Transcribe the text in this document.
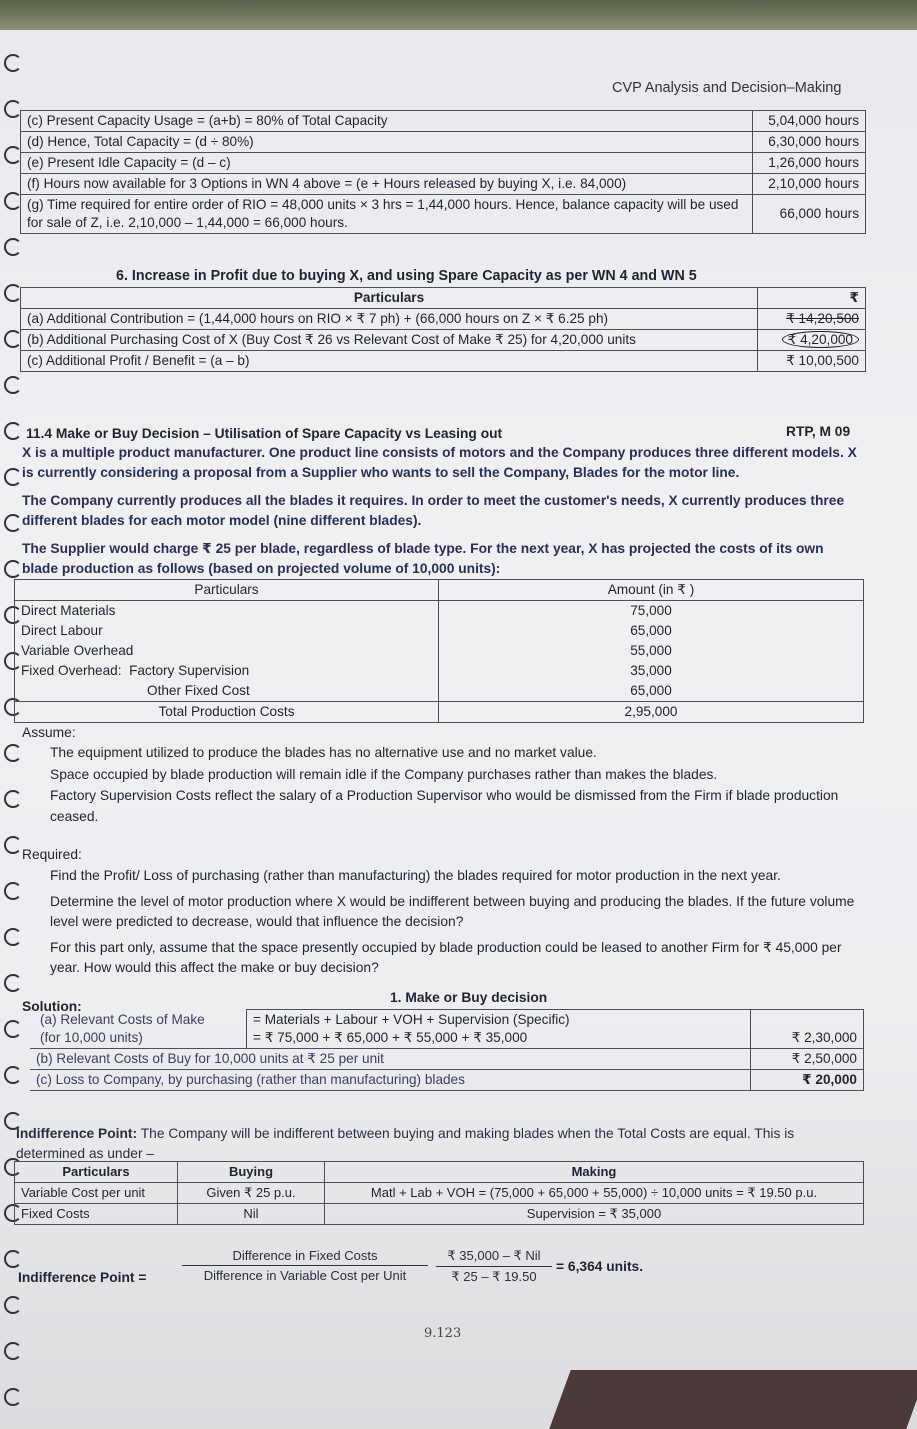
CVP Analysis and Decision–Making
(c) Present Capacity Usage = (a+b) = 80% of Total Capacity	5,04,000 hours
(d) Hence, Total Capacity = (d ÷ 80%)	6,30,000 hours
(e) Present Idle Capacity = (d – c)	1,26,000 hours
(f) Hours now available for 3 Options in WN 4 above = (e + Hours released by buying X, i.e. 84,000)	2,10,000 hours
(g) Time required for entire order of RIO = 48,000 units × 3 hrs = 1,44,000 hours. Hence, balance capacity will be used for sale of Z, i.e. 2,10,000 – 1,44,000 = 66,000 hours.	66,000 hours
6. Increase in Profit due to buying X, and using Spare Capacity as per WN 4 and WN 5
Particulars	₹
(a) Additional Contribution = (1,44,000 hours on RIO × ₹ 7 ph) + (66,000 hours on Z × ₹ 6.25 ph)	₹ 14,20,500
(b) Additional Purchasing Cost of X (Buy Cost ₹ 26 vs Relevant Cost of Make ₹ 25) for 4,20,000 units	₹ 4,20,000
(c) Additional Profit / Benefit = (a – b)	₹ 10,00,500
11.4 Make or Buy Decision – Utilisation of Spare Capacity vs Leasing out	RTP, M 09
X is a multiple product manufacturer. One product line consists of motors and the Company produces three different models. X is currently considering a proposal from a Supplier who wants to sell the Company, Blades for the motor line.
The Company currently produces all the blades it requires. In order to meet the customer's needs, X currently produces three different blades for each motor model (nine different blades).
The Supplier would charge ₹ 25 per blade, regardless of blade type. For the next year, X has projected the costs of its own blade production as follows (based on projected volume of 10,000 units):
Particulars	Amount (in ₹ )
Direct Materials	75,000
Direct Labour	65,000
Variable Overhead	55,000
Fixed Overhead: Factory Supervision	35,000
Other Fixed Cost	65,000
Total Production Costs	2,95,000
Assume:
The equipment utilized to produce the blades has no alternative use and no market value.
Space occupied by blade production will remain idle if the Company purchases rather than makes the blades.
Factory Supervision Costs reflect the salary of a Production Supervisor who would be dismissed from the Firm if blade production ceased.
Required:
Find the Profit/ Loss of purchasing (rather than manufacturing) the blades required for motor production in the next year.
Determine the level of motor production where X would be indifferent between buying and producing the blades. If the future volume level were predicted to decrease, would that influence the decision?
For this part only, assume that the space presently occupied by blade production could be leased to another Firm for ₹ 45,000 per year. How would this affect the make or buy decision?
Solution:
1. Make or Buy decision
(a) Relevant Costs of Make
(for 10,000 units)	= Materials + Labour + VOH + Supervision (Specific)
= ₹ 75,000 + ₹ 65,000 + ₹ 55,000 + ₹ 35,000	₹ 2,30,000
(b) Relevant Costs of Buy for 10,000 units at ₹ 25 per unit		₹ 2,50,000
(c) Loss to Company, by purchasing (rather than manufacturing) blades		₹ 20,000
Indifference Point: The Company will be indifferent between buying and making blades when the Total Costs are equal. This is determined as under –
Particulars	Buying	Making
Variable Cost per unit	Given ₹ 25 p.u.	Matl + Lab + VOH = (75,000 + 65,000 + 55,000) ÷ 10,000 units = ₹ 19.50 p.u.
Fixed Costs	Nil	Supervision = ₹ 35,000
Indifference Point =
Difference in Fixed Costs
Difference in Variable Cost per Unit
₹ 35,000 – ₹ Nil
₹ 25 – ₹ 19.50
= 6,364 units.
9.123
